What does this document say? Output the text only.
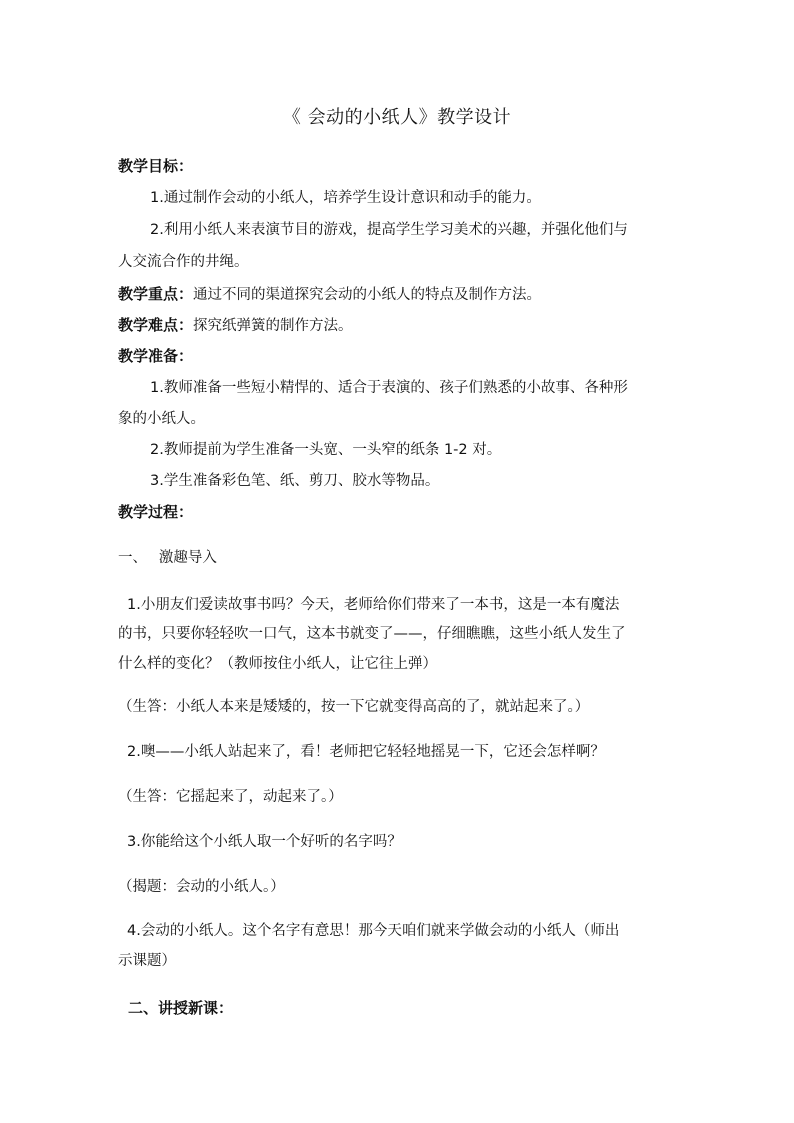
《 会动的小纸人》教学设计
教学目标：
1.通过制作会动的小纸人，培养学生设计意识和动手的能力。
2.利用小纸人来表演节目的游戏，提高学生学习美术的兴趣，并强化他们与
人交流合作的井绳。
教学重点：通过不同的渠道探究会动的小纸人的特点及制作方法。
教学难点：探究纸弹簧的制作方法。
教学准备：
1.教师准备一些短小精悍的、适合于表演的、孩子们熟悉的小故事、各种形
象的小纸人。
2.教师提前为学生准备一头宽、一头窄的纸条 1-2 对。
3.学生准备彩色笔、纸、剪刀、胶水等物品。
教学过程：
一、　 激趣导入
1.小朋友们爱读故事书吗？今天，老师给你们带来了一本书，这是一本有魔法
的书，只要你轻轻吹一口气，这本书就变了——，仔细瞧瞧，这些小纸人发生了
什么样的变化？（教师按住小纸人，让它往上弹）
（生答：小纸人本来是矮矮的，按一下它就变得高高的了，就站起来了。）
2.噢——小纸人站起来了，看！老师把它轻轻地摇晃一下，它还会怎样啊？
（生答：它摇起来了，动起来了。）
3.你能给这个小纸人取一个好听的名字吗？
（揭题：会动的小纸人。）
4.会动的小纸人。这个名字有意思！那今天咱们就来学做会动的小纸人（师出
示课题）
二、讲授新课：
